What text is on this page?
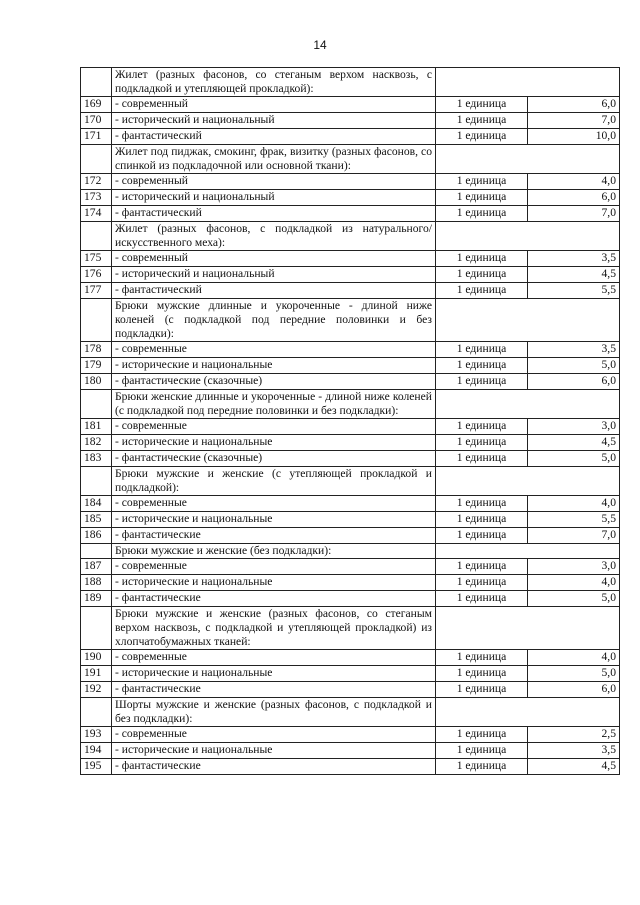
14
	Жилет (разных фасонов, со стеганым верхом насквозь, с подкладкой и утепляющей прокладкой):		
169	- современный	1 единица	6,0
170	- исторический и национальный	1 единица	7,0
171	- фантастический	1 единица	10,0
	Жилет под пиджак, смокинг, фрак, визитку (разных фасонов, со спинкой из подкладочной или основной ткани):		
172	- современный	1 единица	4,0
173	- исторический и национальный	1 единица	6,0
174	- фантастический	1 единица	7,0
	Жилет (разных фасонов, с подкладкой из натурального/искусственного меха):		
175	- современный	1 единица	3,5
176	- исторический и национальный	1 единица	4,5
177	- фантастический	1 единица	5,5
	Брюки мужские длинные и укороченные - длиной ниже коленей (с подкладкой под передние половинки и без подкладки):		
178	- современные	1 единица	3,5
179	- исторические и национальные	1 единица	5,0
180	- фантастические (сказочные)	1 единица	6,0
	Брюки женские длинные и укороченные - длиной ниже коленей (с подкладкой под передние половинки и без подкладки):		
181	- современные	1 единица	3,0
182	- исторические и национальные	1 единица	4,5
183	- фантастические (сказочные)	1 единица	5,0
	Брюки мужские и женские (с утепляющей прокладкой и подкладкой):		
184	- современные	1 единица	4,0
185	- исторические и национальные	1 единица	5,5
186	- фантастические	1 единица	7,0
	Брюки мужские и женские (без подкладки):		
187	- современные	1 единица	3,0
188	- исторические и национальные	1 единица	4,0
189	- фантастические	1 единица	5,0
	Брюки мужские и женские (разных фасонов, со стеганым верхом насквозь, с подкладкой и утепляющей прокладкой) из хлопчатобумажных тканей:		
190	- современные	1 единица	4,0
191	- исторические и национальные	1 единица	5,0
192	- фантастические	1 единица	6,0
	Шорты мужские и женские (разных фасонов, с подкладкой и без подкладки):		
193	- современные	1 единица	2,5
194	- исторические и национальные	1 единица	3,5
195	- фантастические	1 единица	4,5
